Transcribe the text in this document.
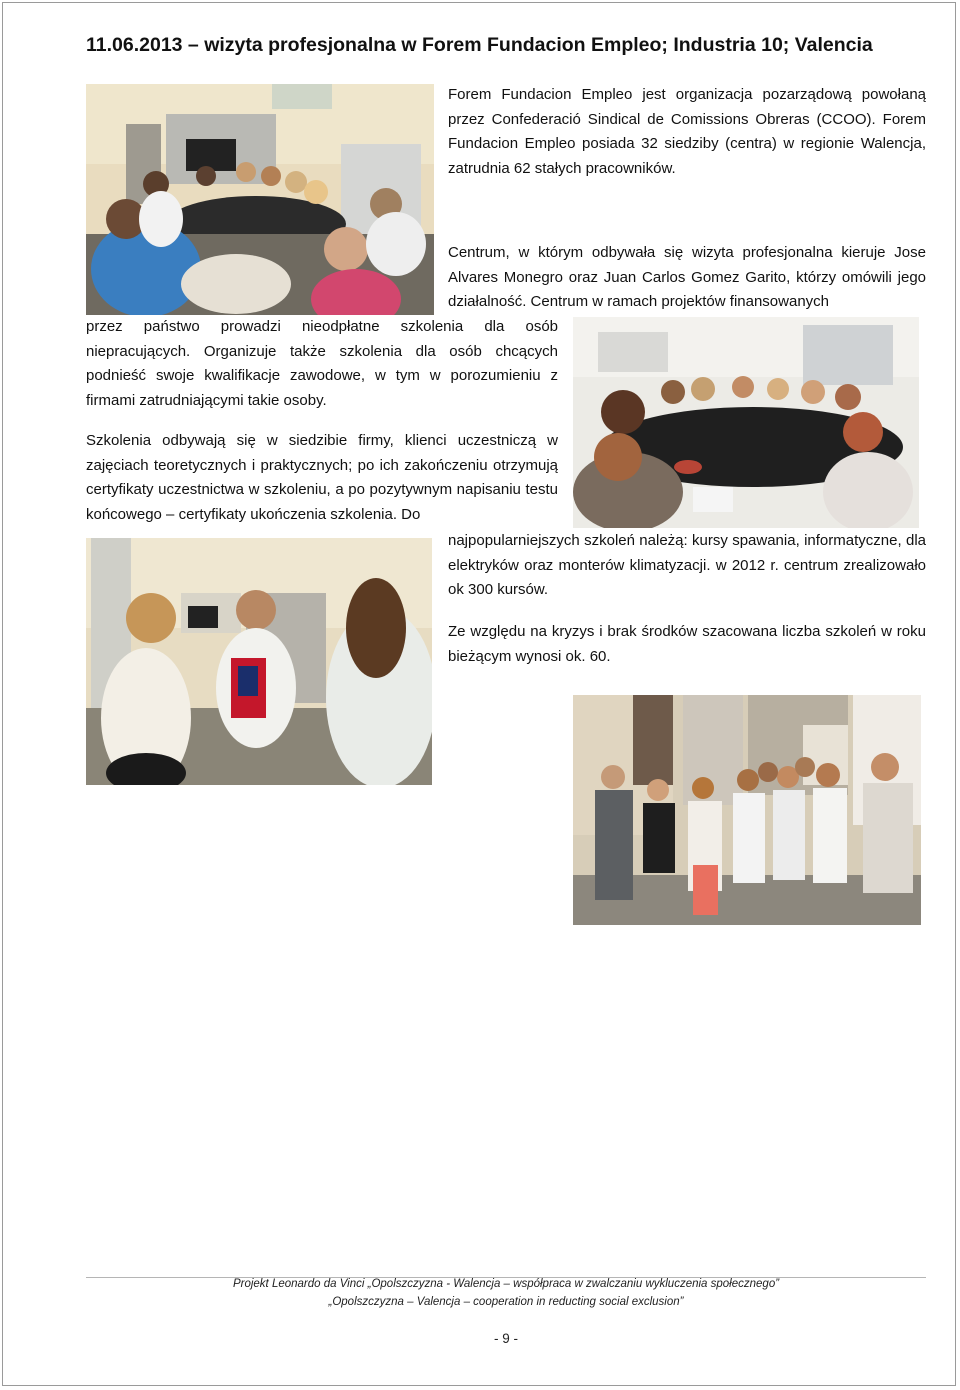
11.06.2013 – wizyta profesjonalna w Forem Fundacion Empleo; Industria 10; Valencia

Forem Fundacion Empleo jest organizacja pozarządową powołaną przez Confederació Sindical de Comissions Obreras (CCOO). Forem Fundacion Empleo posiada 32 siedziby (centra) w regionie Walencja, zatrudnia 62 stałych pracowników.

Centrum, w którym odbywała się wizyta profesjonalna kieruje Jose Alvares Monegro oraz Juan Carlos Gomez Garito, którzy omówili jego działalność. Centrum w ramach projektów finansowanych

przez państwo prowadzi nieodpłatne szkolenia dla osób niepracujących. Organizuje także szkolenia dla osób chcących podnieść swoje kwalifikacje zawodowe, w tym w porozumieniu z firmami zatrudniającymi takie osoby.

Szkolenia odbywają się w siedzibie firmy, klienci uczestniczą w zajęciach teoretycznych i praktycznych; po ich zakończeniu otrzymują certyfikaty uczestnictwa w szkoleniu, a po pozytywnym napisaniu testu końcowego – certyfikaty ukończenia szkolenia. Do

najpopularniejszych szkoleń należą: kursy spawania, informatyczne, dla elektryków oraz monterów klimatyzacji. w 2012 r. centrum zrealizowało ok 300 kursów.

Ze względu na kryzys i brak środków szacowana liczba szkoleń w roku bieżącym wynosi ok. 60.

Projekt Leonardo da Vinci „Opolszczyzna - Walencja – współpraca w zwalczaniu wykluczenia społecznego”
„Opolszczyzna – Valencja – cooperation in reducting social exclusion”
- 9 -
